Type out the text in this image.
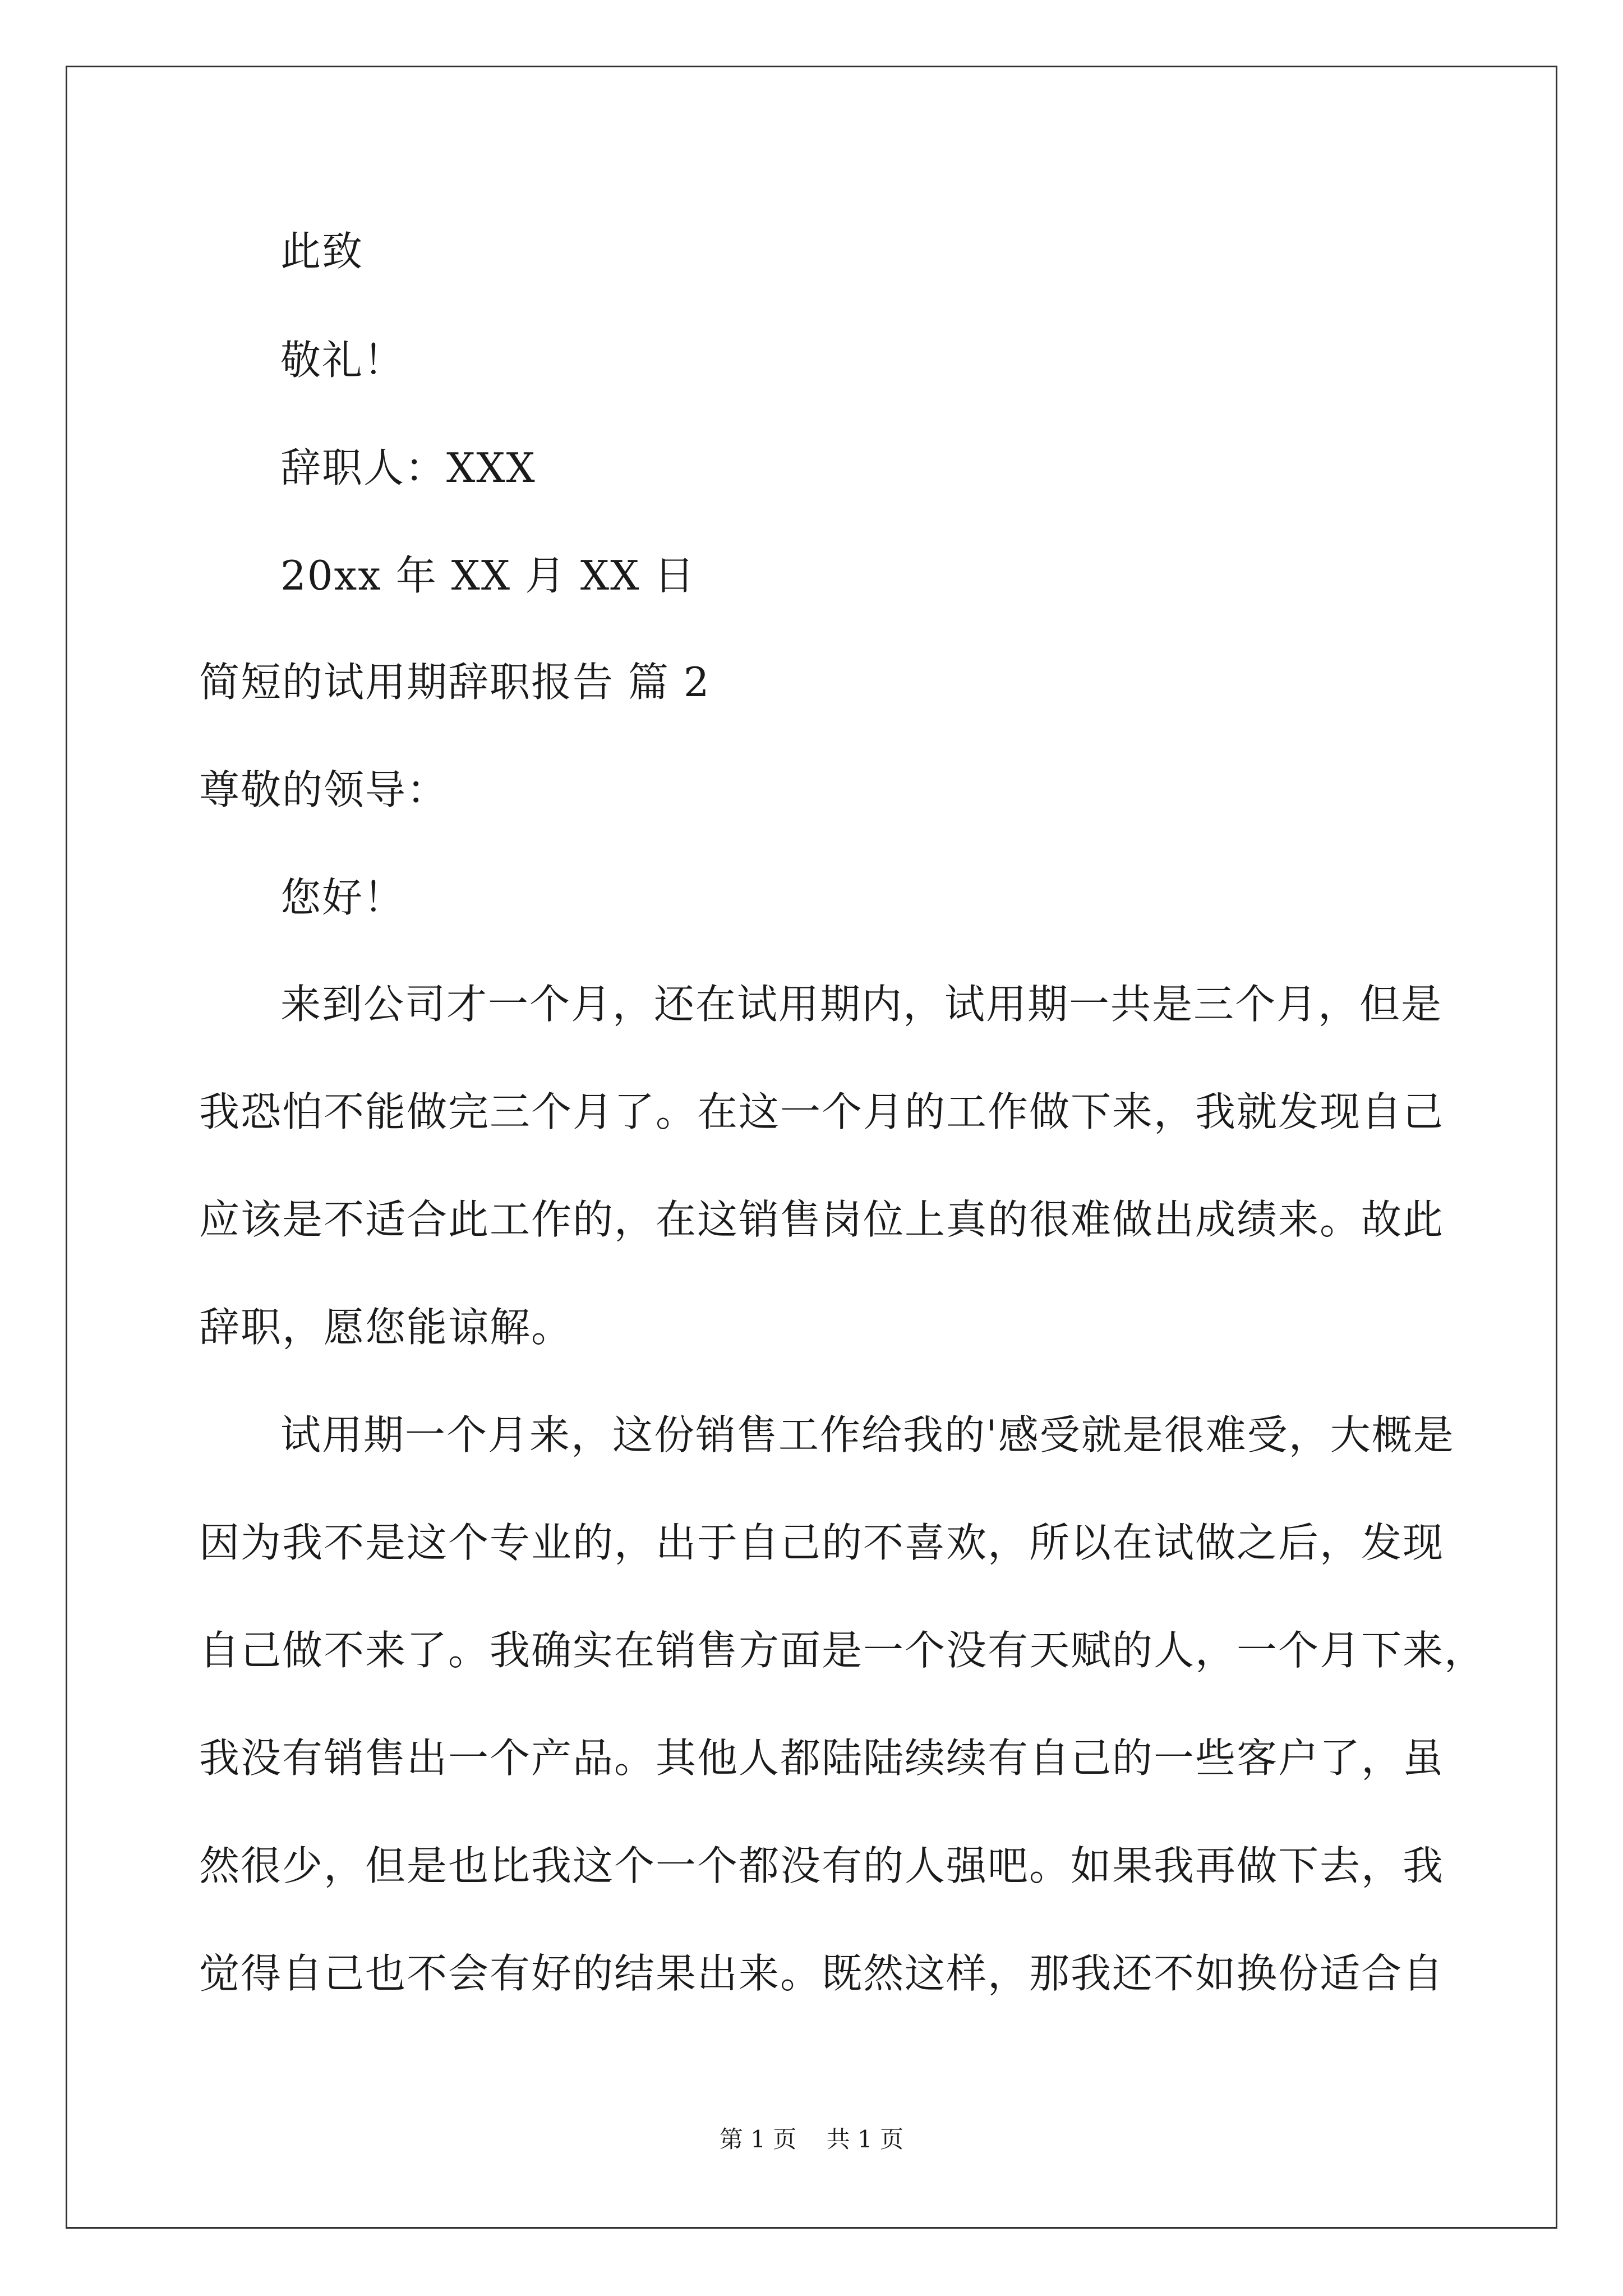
此致
敬礼！
辞职人：XXX
20xx 年 XX 月 XX 日
简短的试用期辞职报告 篇 2
尊敬的领导：
您好！
来到公司才一个月，还在试用期内，试用期一共是三个月，但是
我恐怕不能做完三个月了。在这一个月的工作做下来，我就发现自己
应该是不适合此工作的，在这销售岗位上真的很难做出成绩来。故此
辞职，愿您能谅解。
试用期一个月来，这份销售工作给我的'感受就是很难受，大概是
因为我不是这个专业的，出于自己的不喜欢，所以在试做之后，发现
自己做不来了。我确实在销售方面是一个没有天赋的人，一个月下来，
我没有销售出一个产品。其他人都陆陆续续有自己的一些客户了，虽
然很少，但是也比我这个一个都没有的人强吧。如果我再做下去，我
觉得自己也不会有好的结果出来。既然这样，那我还不如换份适合自
第 1 页    共 1 页
